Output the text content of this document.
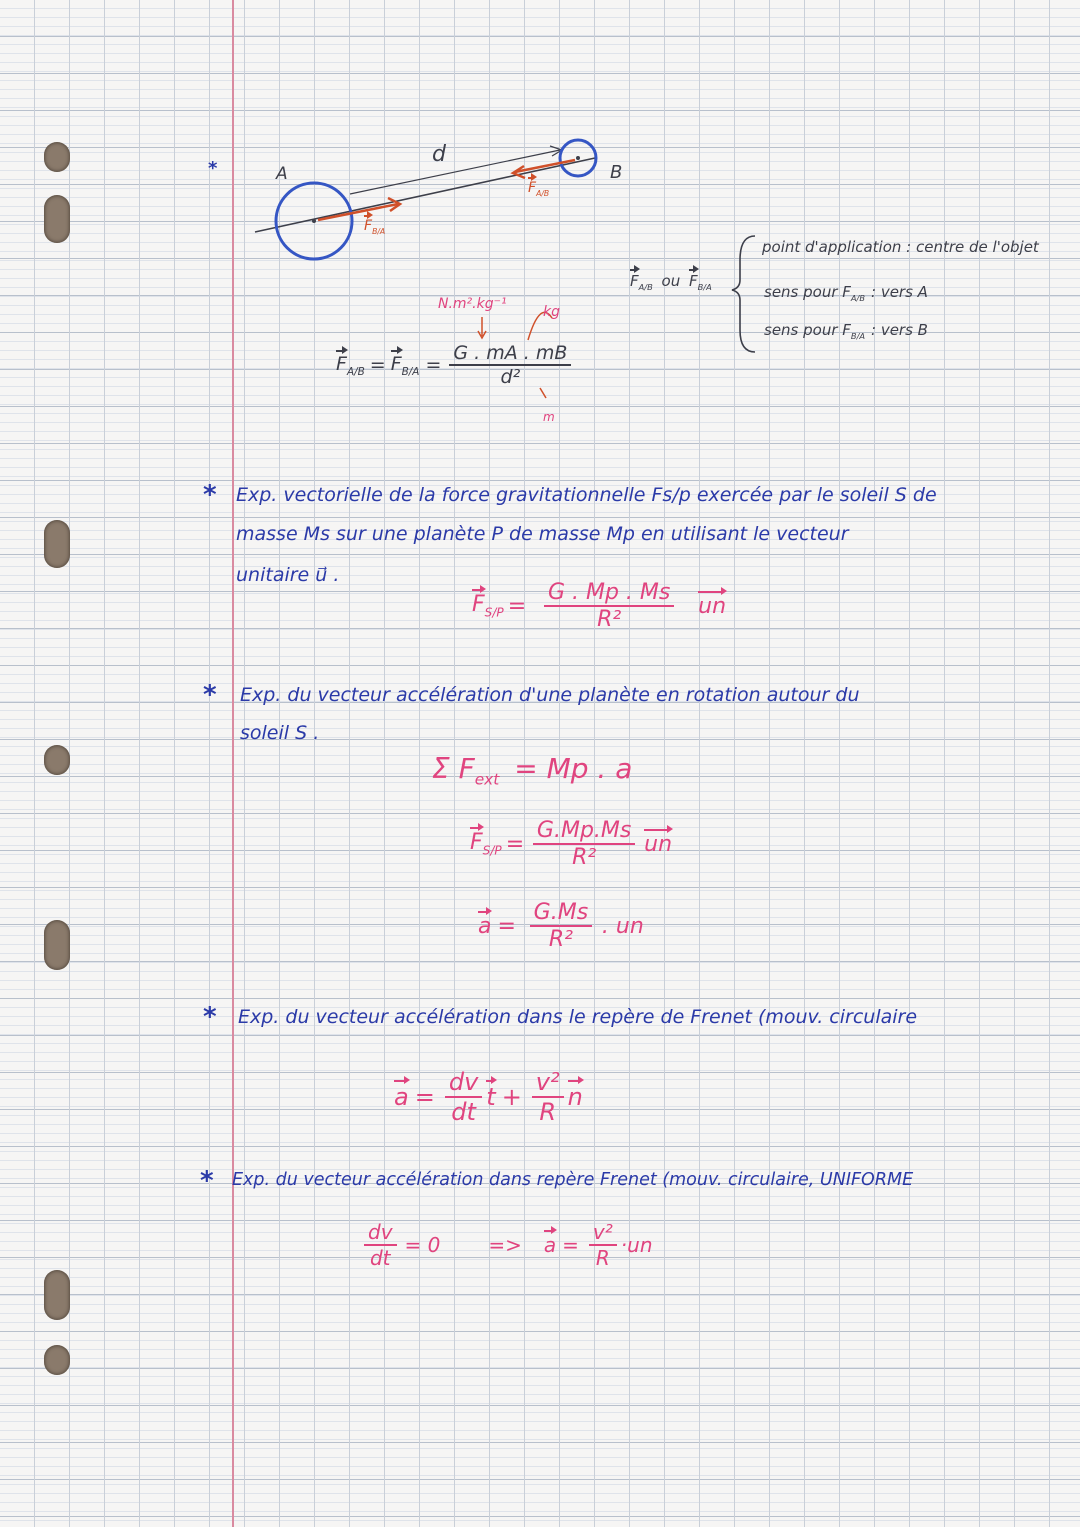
*	A	B
d
$F_{A/B}$
$F_{B/A}$
N.m².kg⁻¹	kg
m
$F_{A/B} = F_{B/A} = \frac{G . mA . mB}{\text{d²}}$
$F_{A/B}$ ou $F_{B/A}$
point d'application : centre de l'objet
sens pour $F_{A/B}$ : vers A
sens pour $F_{B/A}$ : vers B
* Exp. vectorielle de la force gravitationnelle Fs/p exercée par le soleil S de
masse Ms sur une planète P de masse Mp en utilisant le vecteur
unitaire u⃗ .
$F_{S/P} = \frac{G . Mp . Ms}{\text{R²}}$ un
* Exp. du vecteur accélération d'une planète en rotation autour du
soleil S .
Σ $F_{ext} = Mp$ . a
$F_{S/P} = \frac{G.Mp.Ms}{\text{R²}}$ un
$a = \frac{G.Ms}{\text{R²}}$ . un
* Exp. du vecteur accélération dans le repère de Frenet (mouv. circulaire
$a = \frac{dv}{dt}$ $t + \frac{\text{v²}}{R}$ n
* Exp. du vecteur accélération dans repère Frenet (mouv. circulaire, UNIFORME
$\frac{dv}{dt} = 0 => a = \frac{\text{v²}}{R} \cdot un$
